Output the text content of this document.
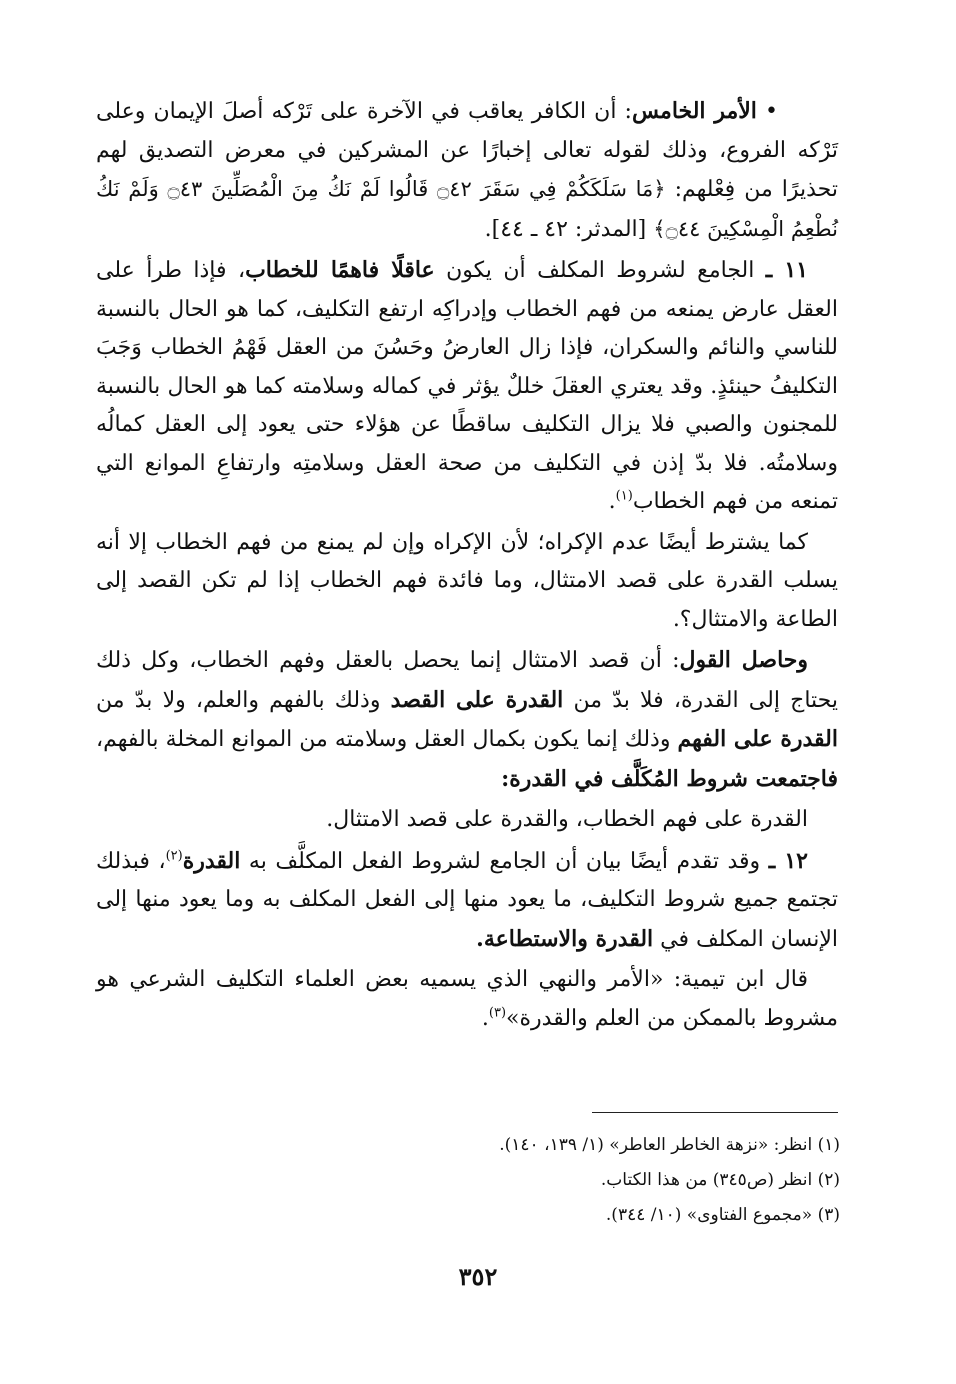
• الأمر الخامس: أن الكافر يعاقب في الآخرة على تَرْكه أصلَ الإيمان وعلى تَرْكه الفروع، وذلك لقوله تعالى إخبارًا عن المشركين في معرض التصديق لهم تحذيرًا من فِعْلهم: ﴿مَا سَلَكَكُمْ فِي سَقَرَ ۝٤٢ قَالُوا لَمْ نَكُ مِنَ الْمُصَلِّينَ ۝٤٣ وَلَمْ نَكُ نُطْعِمُ الْمِسْكِينَ ۝٤٤﴾ [المدثر: ٤٢ ـ ٤٤].

١١ ـ الجامع لشروط المكلف أن يكون عاقلًا فاهمًا للخطاب، فإذا طرأ على العقل عارض يمنعه من فهم الخطاب وإدراكِه ارتفع التكليف، كما هو الحال بالنسبة للناسي والنائم والسكران، فإذا زال العارضُ وحَسُنَ من العقل فَهْمُ الخطاب وَجَبَ التكليفُ حينئذٍ. وقد يعتري العقلَ خللٌ يؤثر في كماله وسلامته كما هو الحال بالنسبة للمجنون والصبي فلا يزال التكليف ساقطًا عن هؤلاء حتى يعود إلى العقل كمالُه وسلامتُه. فلا بدّ إذن في التكليف من صحة العقل وسلامتِه وارتفاعِ الموانع التي تمنعه من فهم الخطاب$^{(١)}$.

كما يشترط أيضًا عدم الإكراه؛ لأن الإكراه وإن لم يمنع من فهم الخطاب إلا أنه يسلب القدرة على قصد الامتثال، وما فائدة فهم الخطاب إذا لم تكن القصد إلى الطاعة والامتثال؟.

وحاصل القول: أن قصد الامتثال إنما يحصل بالعقل وفهم الخطاب، وكل ذلك يحتاج إلى القدرة، فلا بدّ من القدرة على القصد وذلك بالفهم والعلم، ولا بدّ من القدرة على الفهم وذلك إنما يكون بكمال العقل وسلامته من الموانع المخلة بالفهم، فاجتمعت شروط المُكَلَّف في القدرة:

القدرة على فهم الخطاب، والقدرة على قصد الامتثال.

١٢ ـ وقد تقدم أيضًا بيان أن الجامع لشروط الفعل المكلَّف به القدرة$^{(٢)}$، فبذلك تجتمع جميع شروط التكليف، ما يعود منها إلى الفعل المكلف به وما يعود منها إلى الإنسان المكلف في القدرة والاستطاعة.

قال ابن تيمية: «الأمر والنهي الذي يسميه بعض العلماء التكليف الشرعي هو مشروط بالممكن من العلم والقدرة»$^{(٣)}$.

(١) انظر: «نزهة الخاطر العاطر» (١/ ١٣٩، ١٤٠).
(٢) انظر (ص٣٤٥) من هذا الكتاب.
(٣) «مجموع الفتاوى» (١٠/ ٣٤٤).
٣٥٢
